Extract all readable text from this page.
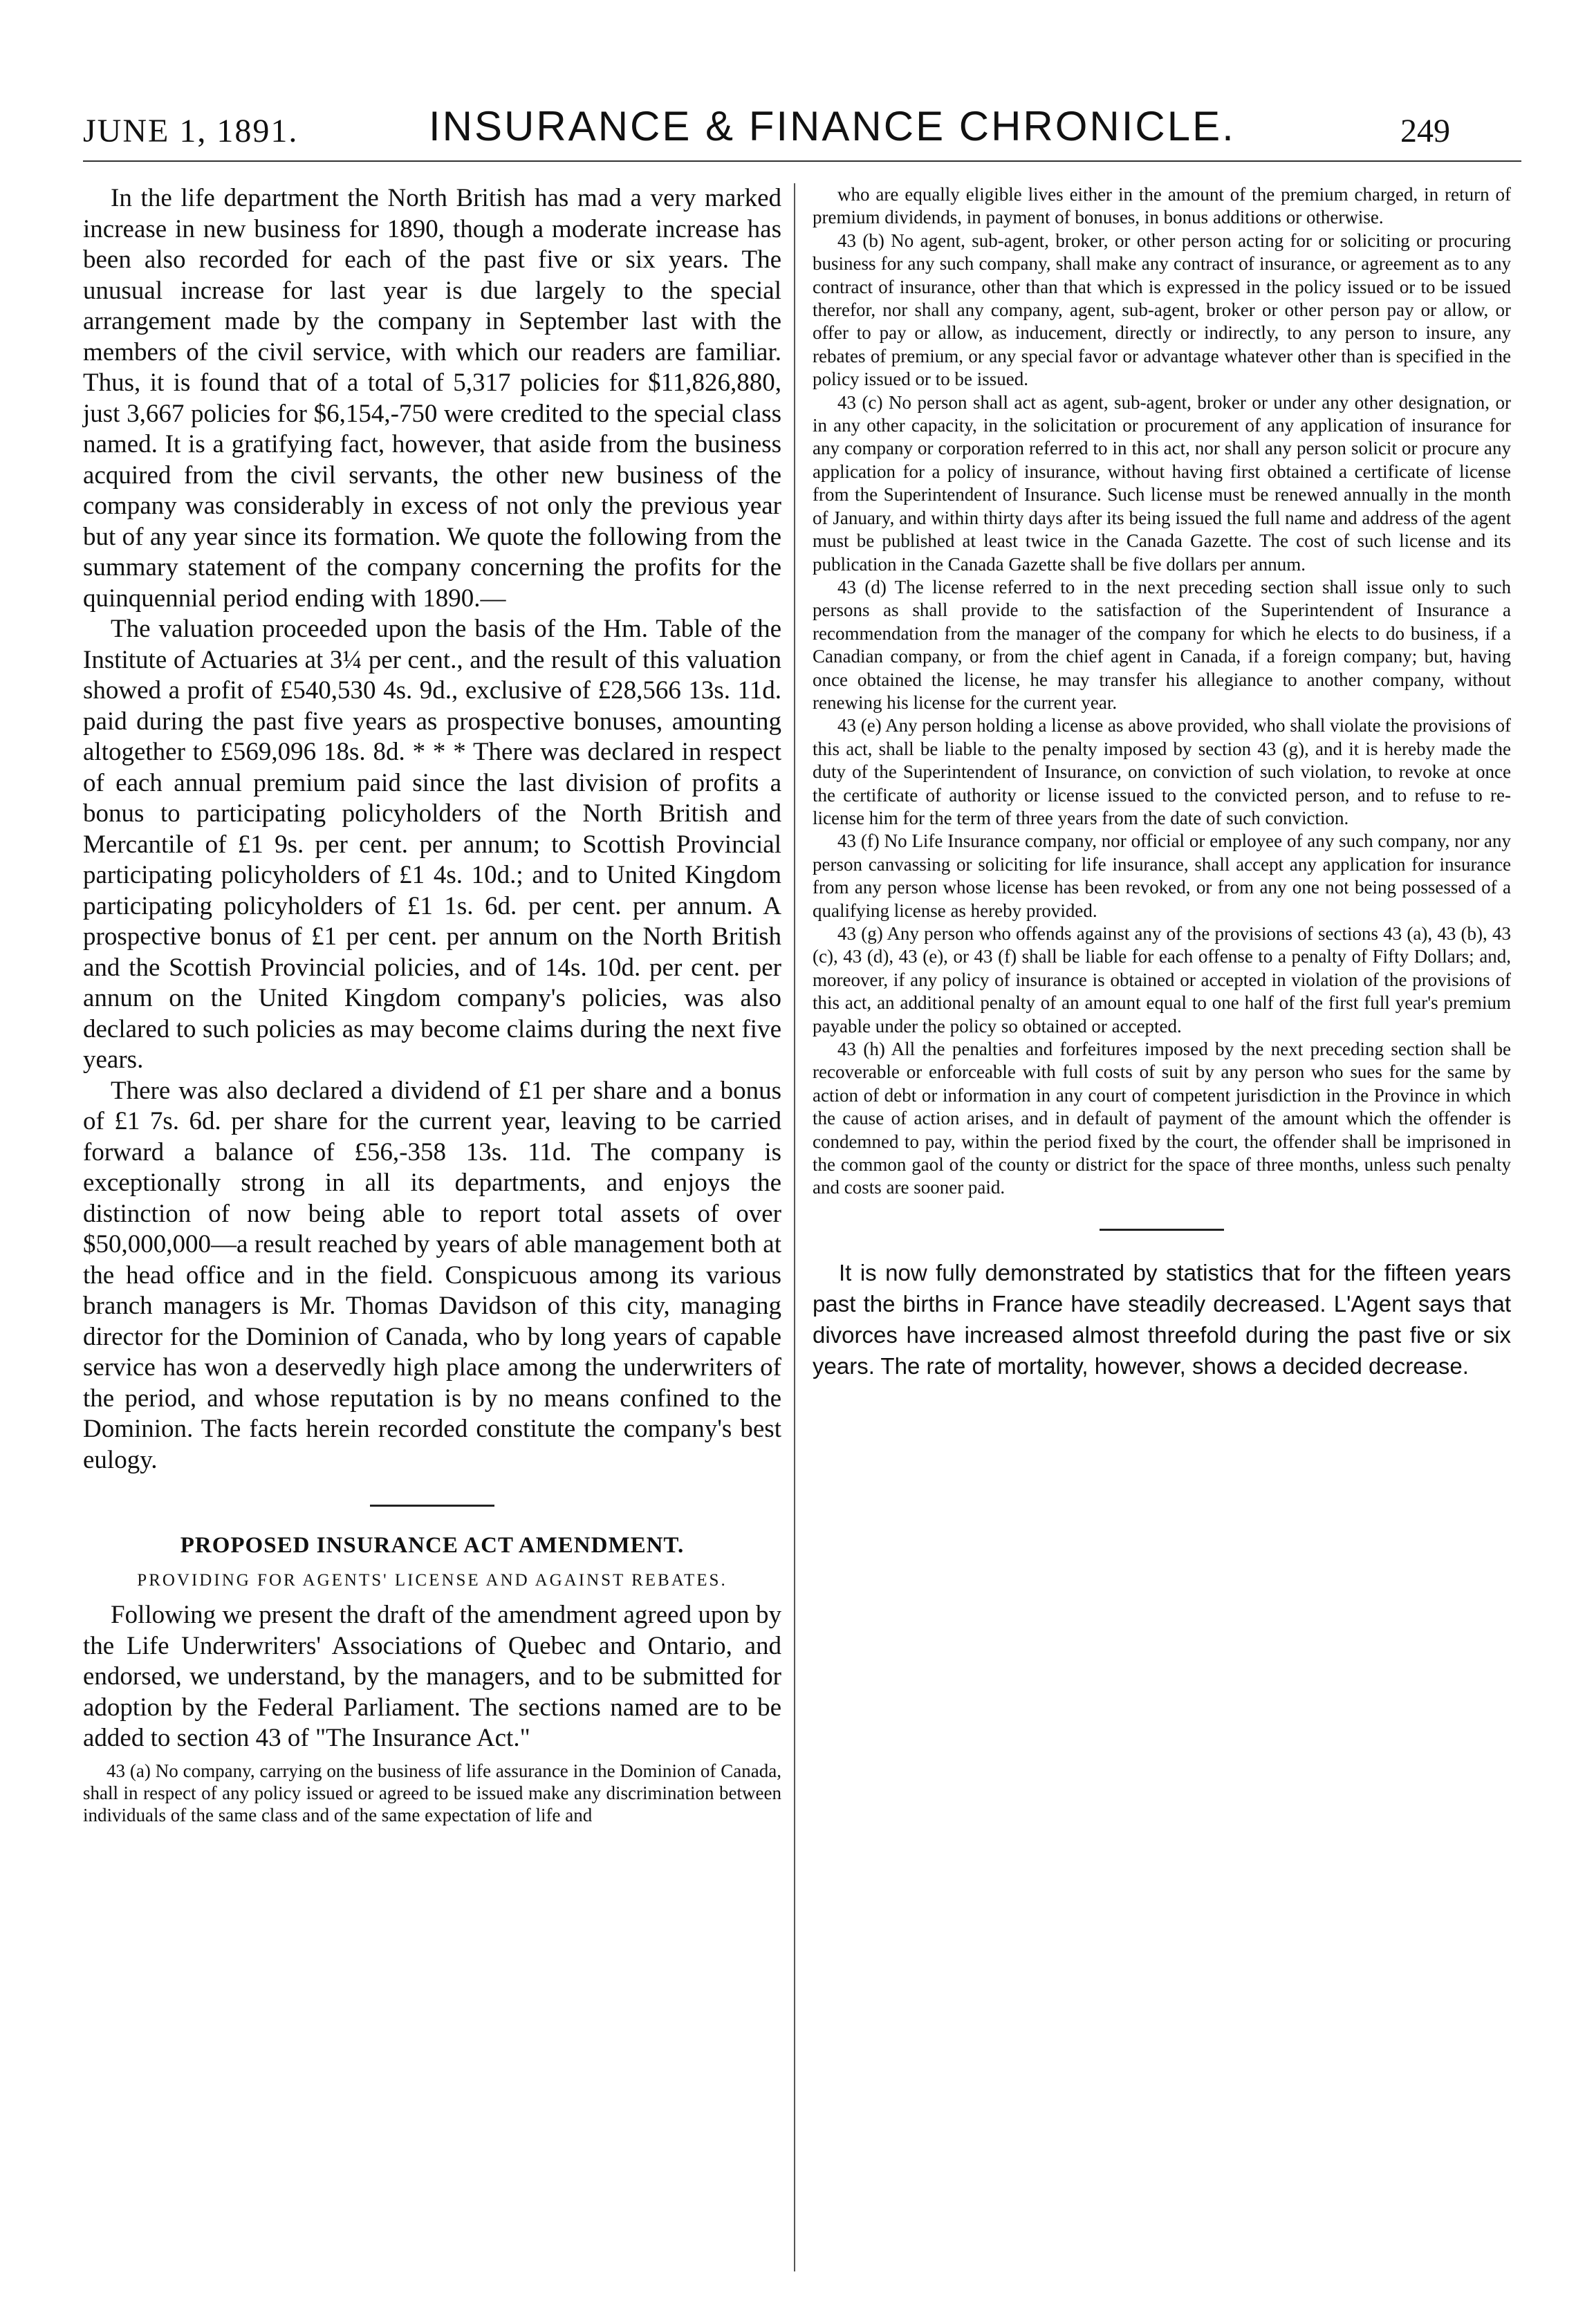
JUNE 1, 1891.	INSURANCE & FINANCE CHRONICLE.	249

In the life department the North British has mad a very marked increase in new business for 1890, though a moderate increase has been also recorded for each of the past five or six years. The unusual increase for last year is due largely to the special arrangement made by the company in September last with the members of the civil service, with which our readers are familiar. Thus, it is found that of a total of 5,317 policies for $11,826,880, just 3,667 policies for $6,154,-750 were credited to the special class named. It is a gratifying fact, however, that aside from the business acquired from the civil servants, the other new business of the company was considerably in excess of not only the previous year but of any year since its formation. We quote the following from the summary statement of the company concerning the profits for the quinquennial period ending with 1890.—

The valuation proceeded upon the basis of the Hm. Table of the Institute of Actuaries at 3¼ per cent., and the result of this valuation showed a profit of £540,530 4s. 9d., exclusive of £28,566 13s. 11d. paid during the past five years as prospective bonuses, amounting altogether to £569,096 18s. 8d. * * * There was declared in respect of each annual premium paid since the last division of profits a bonus to participating policyholders of the North British and Mercantile of £1 9s. per cent. per annum; to Scottish Provincial participating policyholders of £1 4s. 10d.; and to United Kingdom participating policyholders of £1 1s. 6d. per cent. per annum. A prospective bonus of £1 per cent. per annum on the North British and the Scottish Provincial policies, and of 14s. 10d. per cent. per annum on the United Kingdom company's policies, was also declared to such policies as may become claims during the next five years.

There was also declared a dividend of £1 per share and a bonus of £1 7s. 6d. per share for the current year, leaving to be carried forward a balance of £56,-358 13s. 11d. The company is exceptionally strong in all its departments, and enjoys the distinction of now being able to report total assets of over $50,000,000—a result reached by years of able management both at the head office and in the field. Conspicuous among its various branch managers is Mr. Thomas Davidson of this city, managing director for the Dominion of Canada, who by long years of capable service has won a deservedly high place among the underwriters of the period, and whose reputation is by no means confined to the Dominion. The facts herein recorded constitute the company's best eulogy.

PROPOSED INSURANCE ACT AMENDMENT.
PROVIDING FOR AGENTS' LICENSE AND AGAINST REBATES.

Following we present the draft of the amendment agreed upon by the Life Underwriters' Associations of Quebec and Ontario, and endorsed, we understand, by the managers, and to be submitted for adoption by the Federal Parliament. The sections named are to be added to section 43 of "The Insurance Act."

43 (a) No company, carrying on the business of life assurance in the Dominion of Canada, shall in respect of any policy issued or agreed to be issued make any discrimination between individuals of the same class and of the same expectation of life and

who are equally eligible lives either in the amount of the premium charged, in return of premium dividends, in payment of bonuses, in bonus additions or otherwise.

43 (b) No agent, sub-agent, broker, or other person acting for or soliciting or procuring business for any such company, shall make any contract of insurance, or agreement as to any contract of insurance, other than that which is expressed in the policy issued or to be issued therefor, nor shall any company, agent, sub-agent, broker or other person pay or allow, or offer to pay or allow, as inducement, directly or indirectly, to any person to insure, any rebates of premium, or any special favor or advantage whatever other than is specified in the policy issued or to be issued.

43 (c) No person shall act as agent, sub-agent, broker or under any other designation, or in any other capacity, in the solicitation or procurement of any application of insurance for any company or corporation referred to in this act, nor shall any person solicit or procure any application for a policy of insurance, without having first obtained a certificate of license from the Superintendent of Insurance. Such license must be renewed annually in the month of January, and within thirty days after its being issued the full name and address of the agent must be published at least twice in the Canada Gazette. The cost of such license and its publication in the Canada Gazette shall be five dollars per annum.

43 (d) The license referred to in the next preceding section shall issue only to such persons as shall provide to the satisfaction of the Superintendent of Insurance a recommendation from the manager of the company for which he elects to do business, if a Canadian company, or from the chief agent in Canada, if a foreign company; but, having once obtained the license, he may transfer his allegiance to another company, without renewing his license for the current year.

43 (e) Any person holding a license as above provided, who shall violate the provisions of this act, shall be liable to the penalty imposed by section 43 (g), and it is hereby made the duty of the Superintendent of Insurance, on conviction of such violation, to revoke at once the certificate of authority or license issued to the convicted person, and to refuse to re-license him for the term of three years from the date of such conviction.

43 (f) No Life Insurance company, nor official or employee of any such company, nor any person canvassing or soliciting for life insurance, shall accept any application for insurance from any person whose license has been revoked, or from any one not being possessed of a qualifying license as hereby provided.

43 (g) Any person who offends against any of the provisions of sections 43 (a), 43 (b), 43 (c), 43 (d), 43 (e), or 43 (f) shall be liable for each offense to a penalty of Fifty Dollars; and, moreover, if any policy of insurance is obtained or accepted in violation of the provisions of this act, an additional penalty of an amount equal to one half of the first full year's premium payable under the policy so obtained or accepted.

43 (h) All the penalties and forfeitures imposed by the next preceding section shall be recoverable or enforceable with full costs of suit by any person who sues for the same by action of debt or information in any court of competent jurisdiction in the Province in which the cause of action arises, and in default of payment of the amount which the offender is condemned to pay, within the period fixed by the court, the offender shall be imprisoned in the common gaol of the county or district for the space of three months, unless such penalty and costs are sooner paid.

It is now fully demonstrated by statistics that for the fifteen years past the births in France have steadily decreased. L'Agent says that divorces have increased almost threefold during the past five or six years. The rate of mortality, however, shows a decided decrease.
